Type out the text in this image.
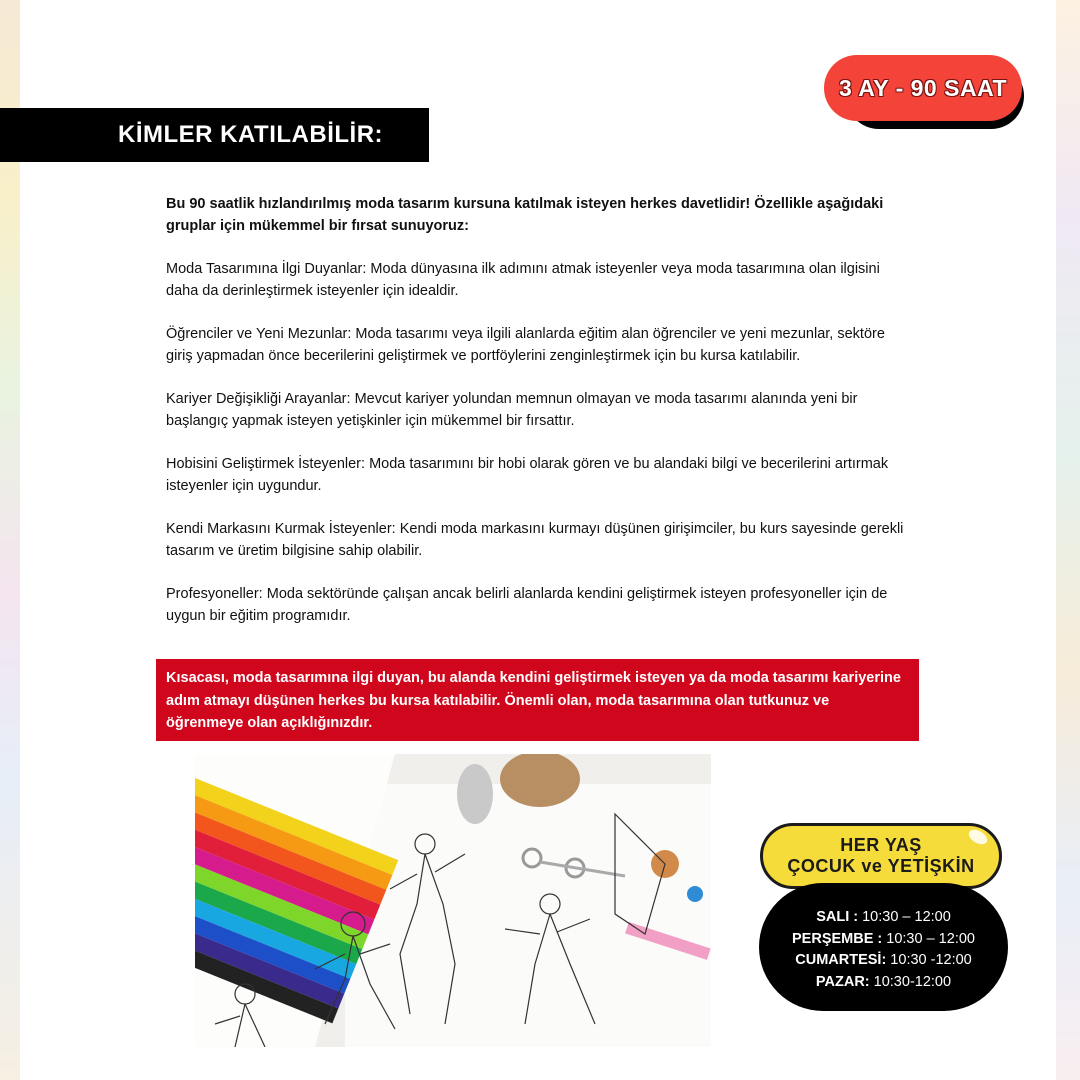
3 AY - 90 SAAT
KİMLER KATILABİLİR:

Bu 90 saatlik hızlandırılmış moda tasarım kursuna katılmak isteyen herkes davetlidir! Özellikle aşağıdaki gruplar için mükemmel bir fırsat sunuyoruz:

Moda Tasarımına İlgi Duyanlar: Moda dünyasına ilk adımını atmak isteyenler veya moda tasarımına olan ilgisini daha da derinleştirmek isteyenler için idealdir.

Öğrenciler ve Yeni Mezunlar: Moda tasarımı veya ilgili alanlarda eğitim alan öğrenciler ve yeni mezunlar, sektöre giriş yapmadan önce becerilerini geliştirmek ve portföylerini zenginleştirmek için bu kursa katılabilir.

Kariyer Değişikliği Arayanlar: Mevcut kariyer yolundan memnun olmayan ve moda tasarımı alanında yeni bir başlangıç yapmak isteyen yetişkinler için mükemmel bir fırsattır.

Hobisini Geliştirmek İsteyenler: Moda tasarımını bir hobi olarak gören ve bu alandaki bilgi ve becerilerini artırmak isteyenler için uygundur.

Kendi Markasını Kurmak İsteyenler: Kendi moda markasını kurmayı düşünen girişimciler, bu kurs sayesinde gerekli tasarım ve üretim bilgisine sahip olabilir.

Profesyoneller: Moda sektöründe çalışan ancak belirli alanlarda kendini geliştirmek isteyen profesyoneller için de uygun bir eğitim programıdır.

Kısacası, moda tasarımına ilgi duyan, bu alanda kendini geliştirmek isteyen ya da moda tasarımı kariyerine adım atmayı düşünen herkes bu kursa katılabilir. Önemli olan, moda tasarımına olan tutkunuz ve öğrenmeye olan açıklığınızdır.

HER YAŞ
ÇOCUK ve YETİŞKİN
SALI : 10:30 – 12:00
PERŞEMBE : 10:30 – 12:00
CUMARTESİ: 10:30 -12:00
PAZAR: 10:30-12:00
